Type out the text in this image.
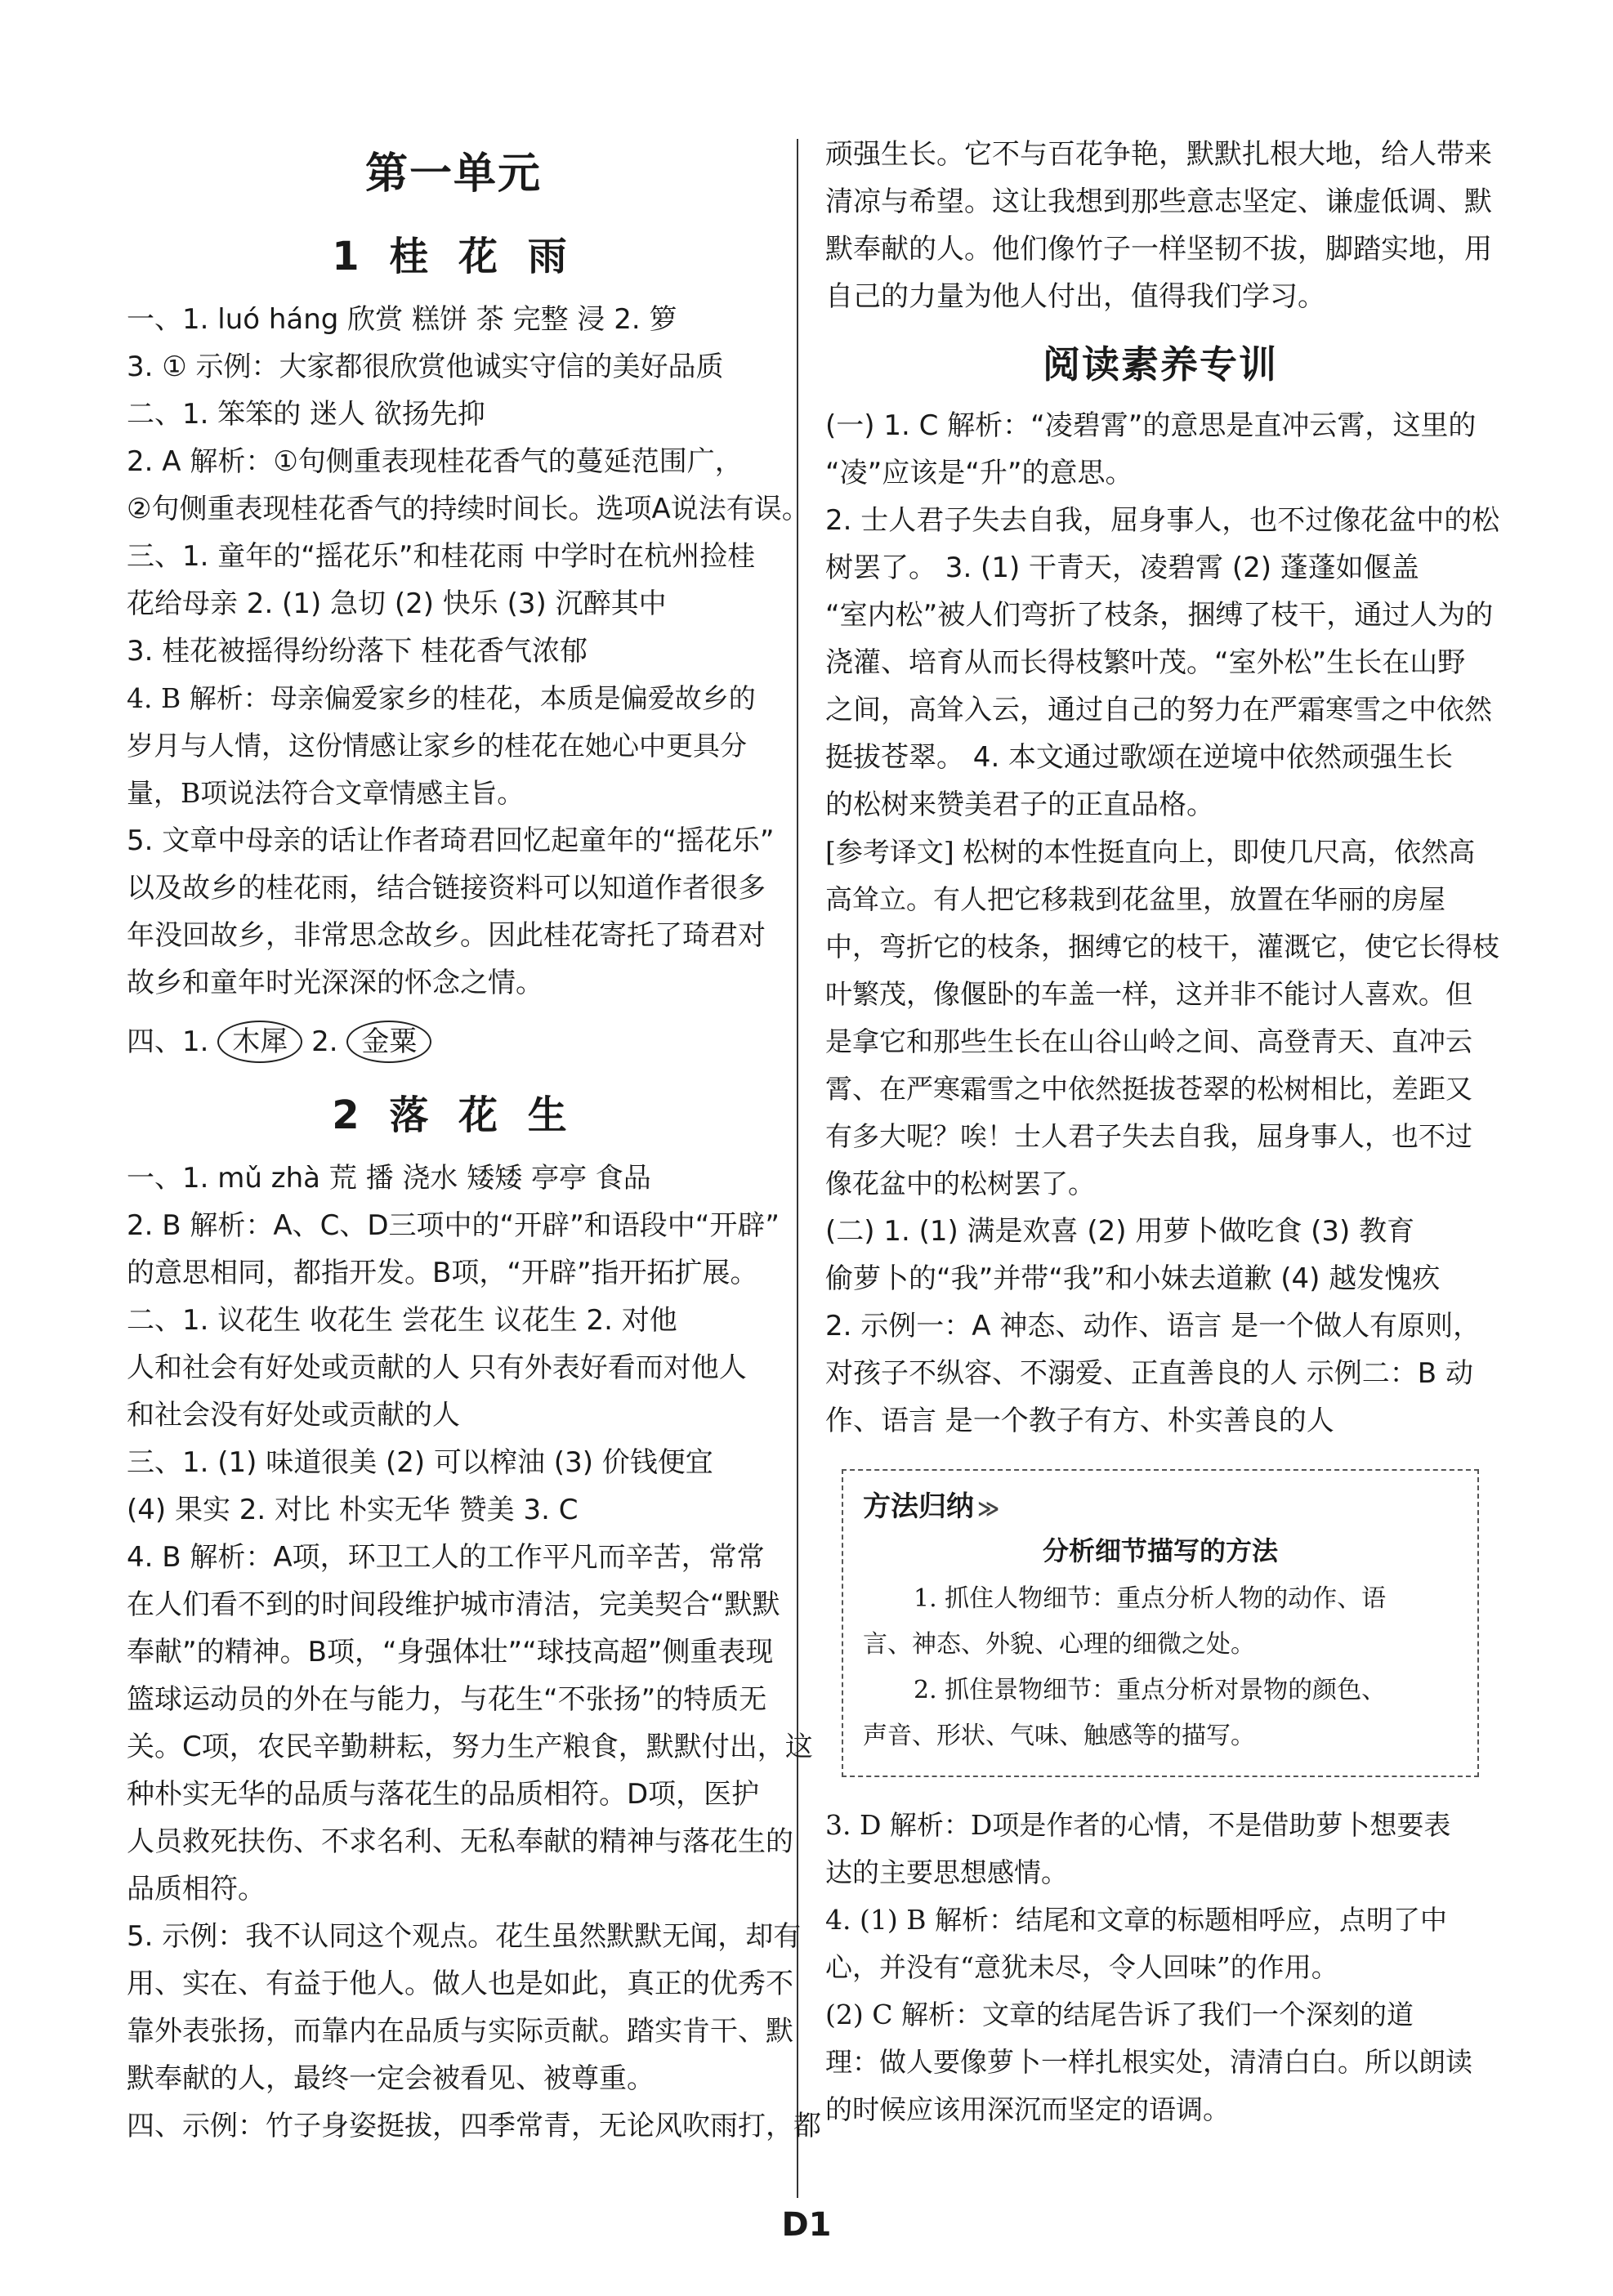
第一单元
1 桂 花 雨
一、1. luó háng 欣赏 糕饼 茶 完整 浸 2. 箩
3. ① 示例：大家都很欣赏他诚实守信的美好品质
二、1. 笨笨的 迷人 欲扬先抑
2. A 解析：①句侧重表现桂花香气的蔓延范围广，
②句侧重表现桂花香气的持续时间长。选项A说法有误。
三、1. 童年的“摇花乐”和桂花雨 中学时在杭州捡桂
花给母亲 2. (1) 急切 (2) 快乐 (3) 沉醉其中
3. 桂花被摇得纷纷落下 桂花香气浓郁
4. B 解析：母亲偏爱家乡的桂花，本质是偏爱故乡的
岁月与人情，这份情感让家乡的桂花在她心中更具分
量，B项说法符合文章情感主旨。
5. 文章中母亲的话让作者琦君回忆起童年的“摇花乐”
以及故乡的桂花雨，结合链接资料可以知道作者很多
年没回故乡，非常思念故乡。因此桂花寄托了琦君对
故乡和童年时光深深的怀念之情。
四、1. 木犀 2. 金粟
2 落 花 生
一、1. mǔ zhà 荒 播 浇水 矮矮 亭亭 食品
2. B 解析：A、C、D三项中的“开辟”和语段中“开辟”
的意思相同，都指开发。B项，“开辟”指开拓扩展。
二、1. 议花生 收花生 尝花生 议花生 2. 对他
人和社会有好处或贡献的人 只有外表好看而对他人
和社会没有好处或贡献的人
三、1. (1) 味道很美 (2) 可以榨油 (3) 价钱便宜
(4) 果实 2. 对比 朴实无华 赞美 3. C
4. B 解析：A项，环卫工人的工作平凡而辛苦，常常
在人们看不到的时间段维护城市清洁，完美契合“默默
奉献”的精神。B项，“身强体壮”“球技高超”侧重表现
篮球运动员的外在与能力，与花生“不张扬”的特质无
关。C项，农民辛勤耕耘，努力生产粮食，默默付出，这
种朴实无华的品质与落花生的品质相符。D项，医护
人员救死扶伤、不求名利、无私奉献的精神与落花生的
品质相符。
5. 示例：我不认同这个观点。花生虽然默默无闻，却有
用、实在、有益于他人。做人也是如此，真正的优秀不
靠外表张扬，而靠内在品质与实际贡献。踏实肯干、默
默奉献的人，最终一定会被看见、被尊重。
四、示例：竹子身姿挺拔，四季常青，无论风吹雨打，都
顽强生长。它不与百花争艳，默默扎根大地，给人带来
清凉与希望。这让我想到那些意志坚定、谦虚低调、默
默奉献的人。他们像竹子一样坚韧不拔，脚踏实地，用
自己的力量为他人付出，值得我们学习。
阅读素养专训
(一) 1. C 解析：“凌碧霄”的意思是直冲云霄，这里的
“凌”应该是“升”的意思。
2. 士人君子失去自我，屈身事人，也不过像花盆中的松
树罢了。 3. (1) 干青天，凌碧霄 (2) 蓬蓬如偃盖
“室内松”被人们弯折了枝条，捆缚了枝干，通过人为的
浇灌、培育从而长得枝繁叶茂。“室外松”生长在山野
之间，高耸入云，通过自己的努力在严霜寒雪之中依然
挺拔苍翠。 4. 本文通过歌颂在逆境中依然顽强生长
的松树来赞美君子的正直品格。
[参考译文] 松树的本性挺直向上，即使几尺高，依然高
高耸立。有人把它移栽到花盆里，放置在华丽的房屋
中，弯折它的枝条，捆缚它的枝干，灌溉它，使它长得枝
叶繁茂，像偃卧的车盖一样，这并非不能讨人喜欢。但
是拿它和那些生长在山谷山岭之间、高登青天、直冲云
霄、在严寒霜雪之中依然挺拔苍翠的松树相比，差距又
有多大呢？唉！士人君子失去自我，屈身事人，也不过
像花盆中的松树罢了。
(二) 1. (1) 满是欢喜 (2) 用萝卜做吃食 (3) 教育
偷萝卜的“我”并带“我”和小妹去道歉 (4) 越发愧疚
2. 示例一：A 神态、动作、语言 是一个做人有原则，
对孩子不纵容、不溺爱、正直善良的人 示例二：B 动
作、语言 是一个教子有方、朴实善良的人
方法归纳 ≫
分析细节描写的方法
1. 抓住人物细节：重点分析人物的动作、语
言、神态、外貌、心理的细微之处。
2. 抓住景物细节：重点分析对景物的颜色、
声音、形状、气味、触感等的描写。
3. D 解析：D项是作者的心情，不是借助萝卜想要表
达的主要思想感情。
4. (1) B 解析：结尾和文章的标题相呼应，点明了中
心，并没有“意犹未尽，令人回味”的作用。
(2) C 解析：文章的结尾告诉了我们一个深刻的道
理：做人要像萝卜一样扎根实处，清清白白。所以朗读
的时候应该用深沉而坚定的语调。
D1
